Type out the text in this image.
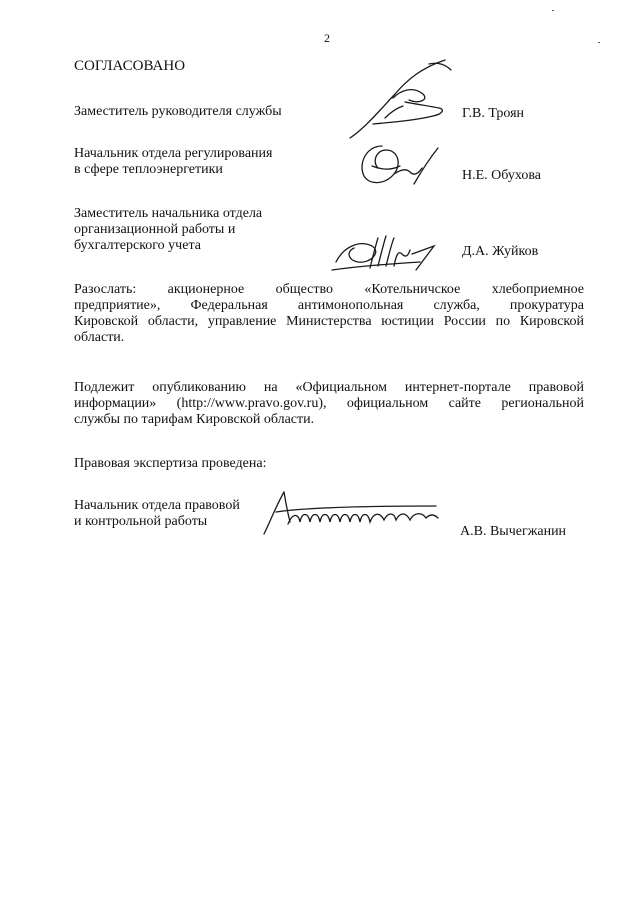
2
СОГЛАСОВАНО
Заместитель руководителя службы	Г.В. Троян
Начальник отдела регулирования
в сфере теплоэнергетики	Н.Е. Обухова
Заместитель начальника отдела
организационной работы и
бухгалтерского учета	Д.А. Жуйков
Разослать: акционерное общество «Котельничское хлебоприемное
предприятие», Федеральная антимонопольная служба, прокуратура
Кировской области, управление Министерства юстиции России по Кировской
области.
Подлежит опубликованию на «Официальном интернет-портале правовой
информации» (http://www.pravo.gov.ru), официальном сайте региональной
службы по тарифам Кировской области.
Правовая экспертиза проведена:
Начальник отдела правовой
и контрольной работы
А.В. Вычегжанин
